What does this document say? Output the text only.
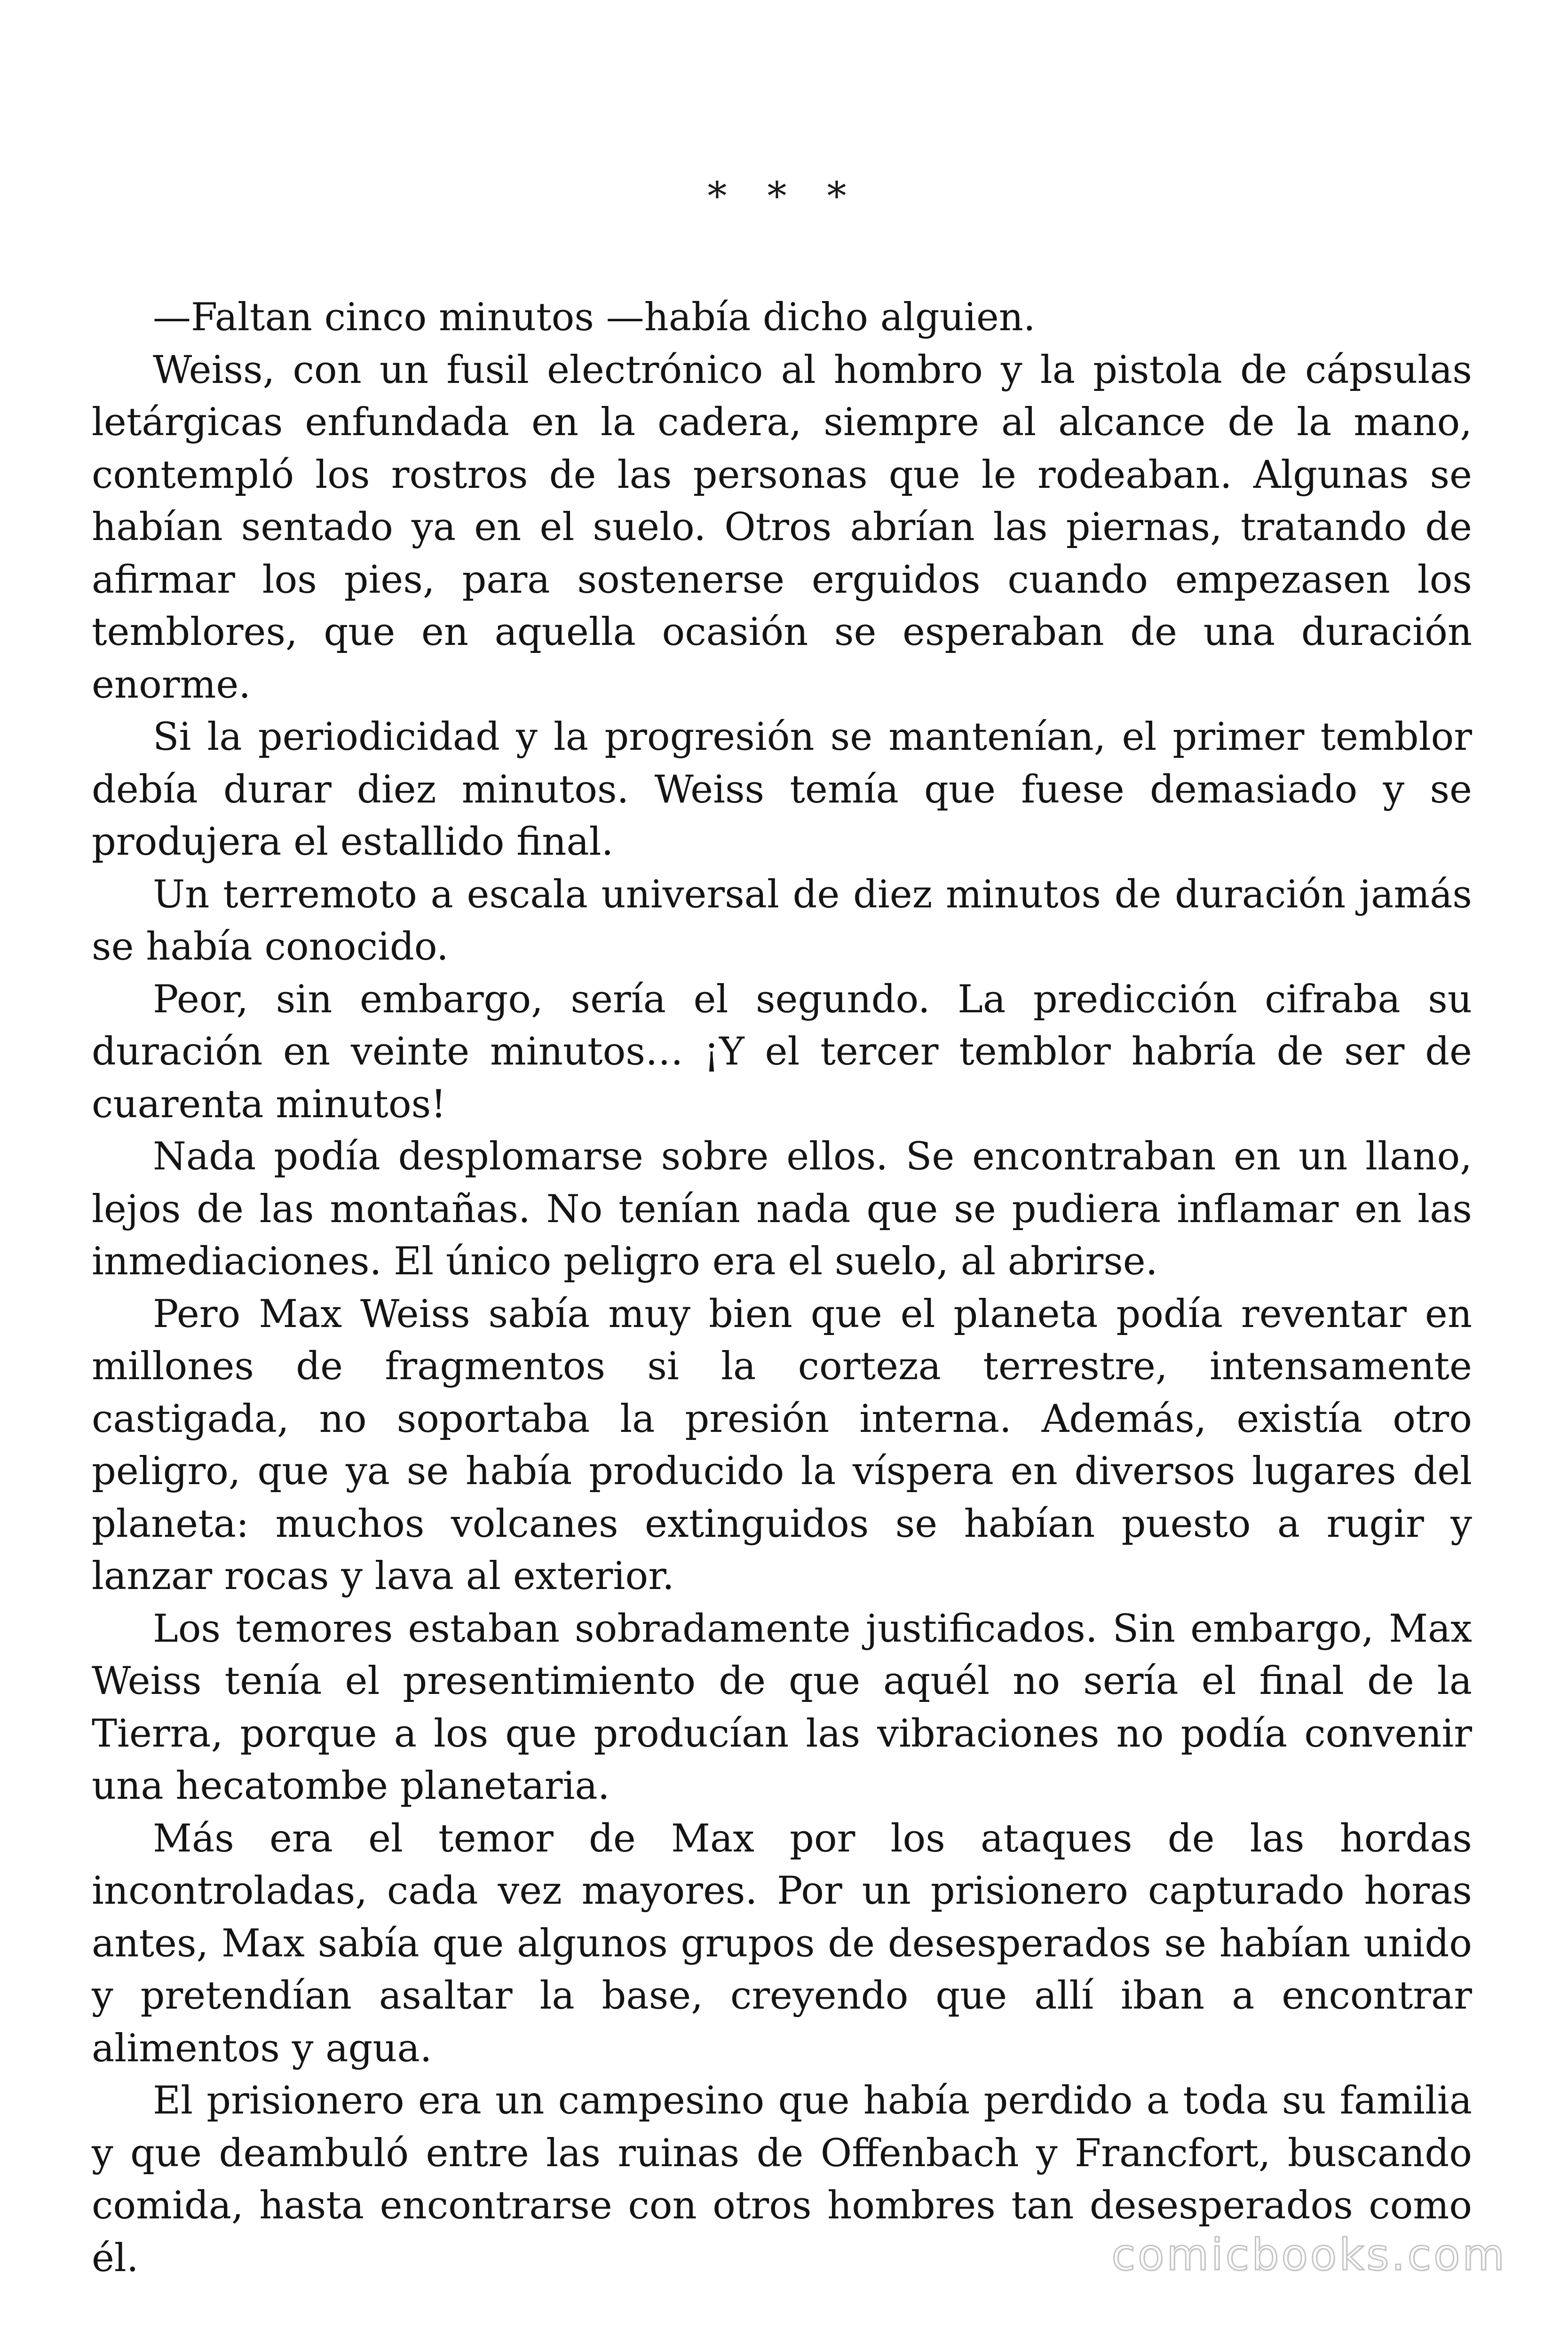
* * *

—Faltan cinco minutos —había dicho alguien.

Weiss, con un fusil electrónico al hombro y la pistola de cápsulas letárgicas enfundada en la cadera, siempre al alcance de la mano, contempló los rostros de las personas que le rodeaban. Algunas se habían sentado ya en el suelo. Otros abrían las piernas, tratando de afirmar los pies, para sostenerse erguidos cuando empezasen los temblores, que en aquella ocasión se esperaban de una duración enorme.

Si la periodicidad y la progresión se mantenían, el primer temblor debía durar diez minutos. Weiss temía que fuese demasiado y se produjera el estallido final.

Un terremoto a escala universal de diez minutos de duración jamás se había conocido.

Peor, sin embargo, sería el segundo. La predicción cifraba su duración en veinte minutos… ¡Y el tercer temblor habría de ser de cuarenta minutos!

Nada podía desplomarse sobre ellos. Se encontraban en un llano, lejos de las montañas. No tenían nada que se pudiera inflamar en las inmediaciones. El único peligro era el suelo, al abrirse.

Pero Max Weiss sabía muy bien que el planeta podía reventar en millones de fragmentos si la corteza terrestre, intensamente castigada, no soportaba la presión interna. Además, existía otro peligro, que ya se había producido la víspera en diversos lugares del planeta: muchos volcanes extinguidos se habían puesto a rugir y lanzar rocas y lava al exterior.

Los temores estaban sobradamente justificados. Sin embargo, Max Weiss tenía el presentimiento de que aquél no sería el final de la Tierra, porque a los que producían las vibraciones no podía convenir una hecatombe planetaria.

Más era el temor de Max por los ataques de las hordas incontroladas, cada vez mayores. Por un prisionero capturado horas antes, Max sabía que algunos grupos de desesperados se habían unido y pretendían asaltar la base, creyendo que allí iban a encontrar alimentos y agua.

El prisionero era un campesino que había perdido a toda su familia y que deambuló entre las ruinas de Offenbach y Francfort, buscando comida, hasta encontrarse con otros hombres tan desesperados como él.	comicbooks.com
